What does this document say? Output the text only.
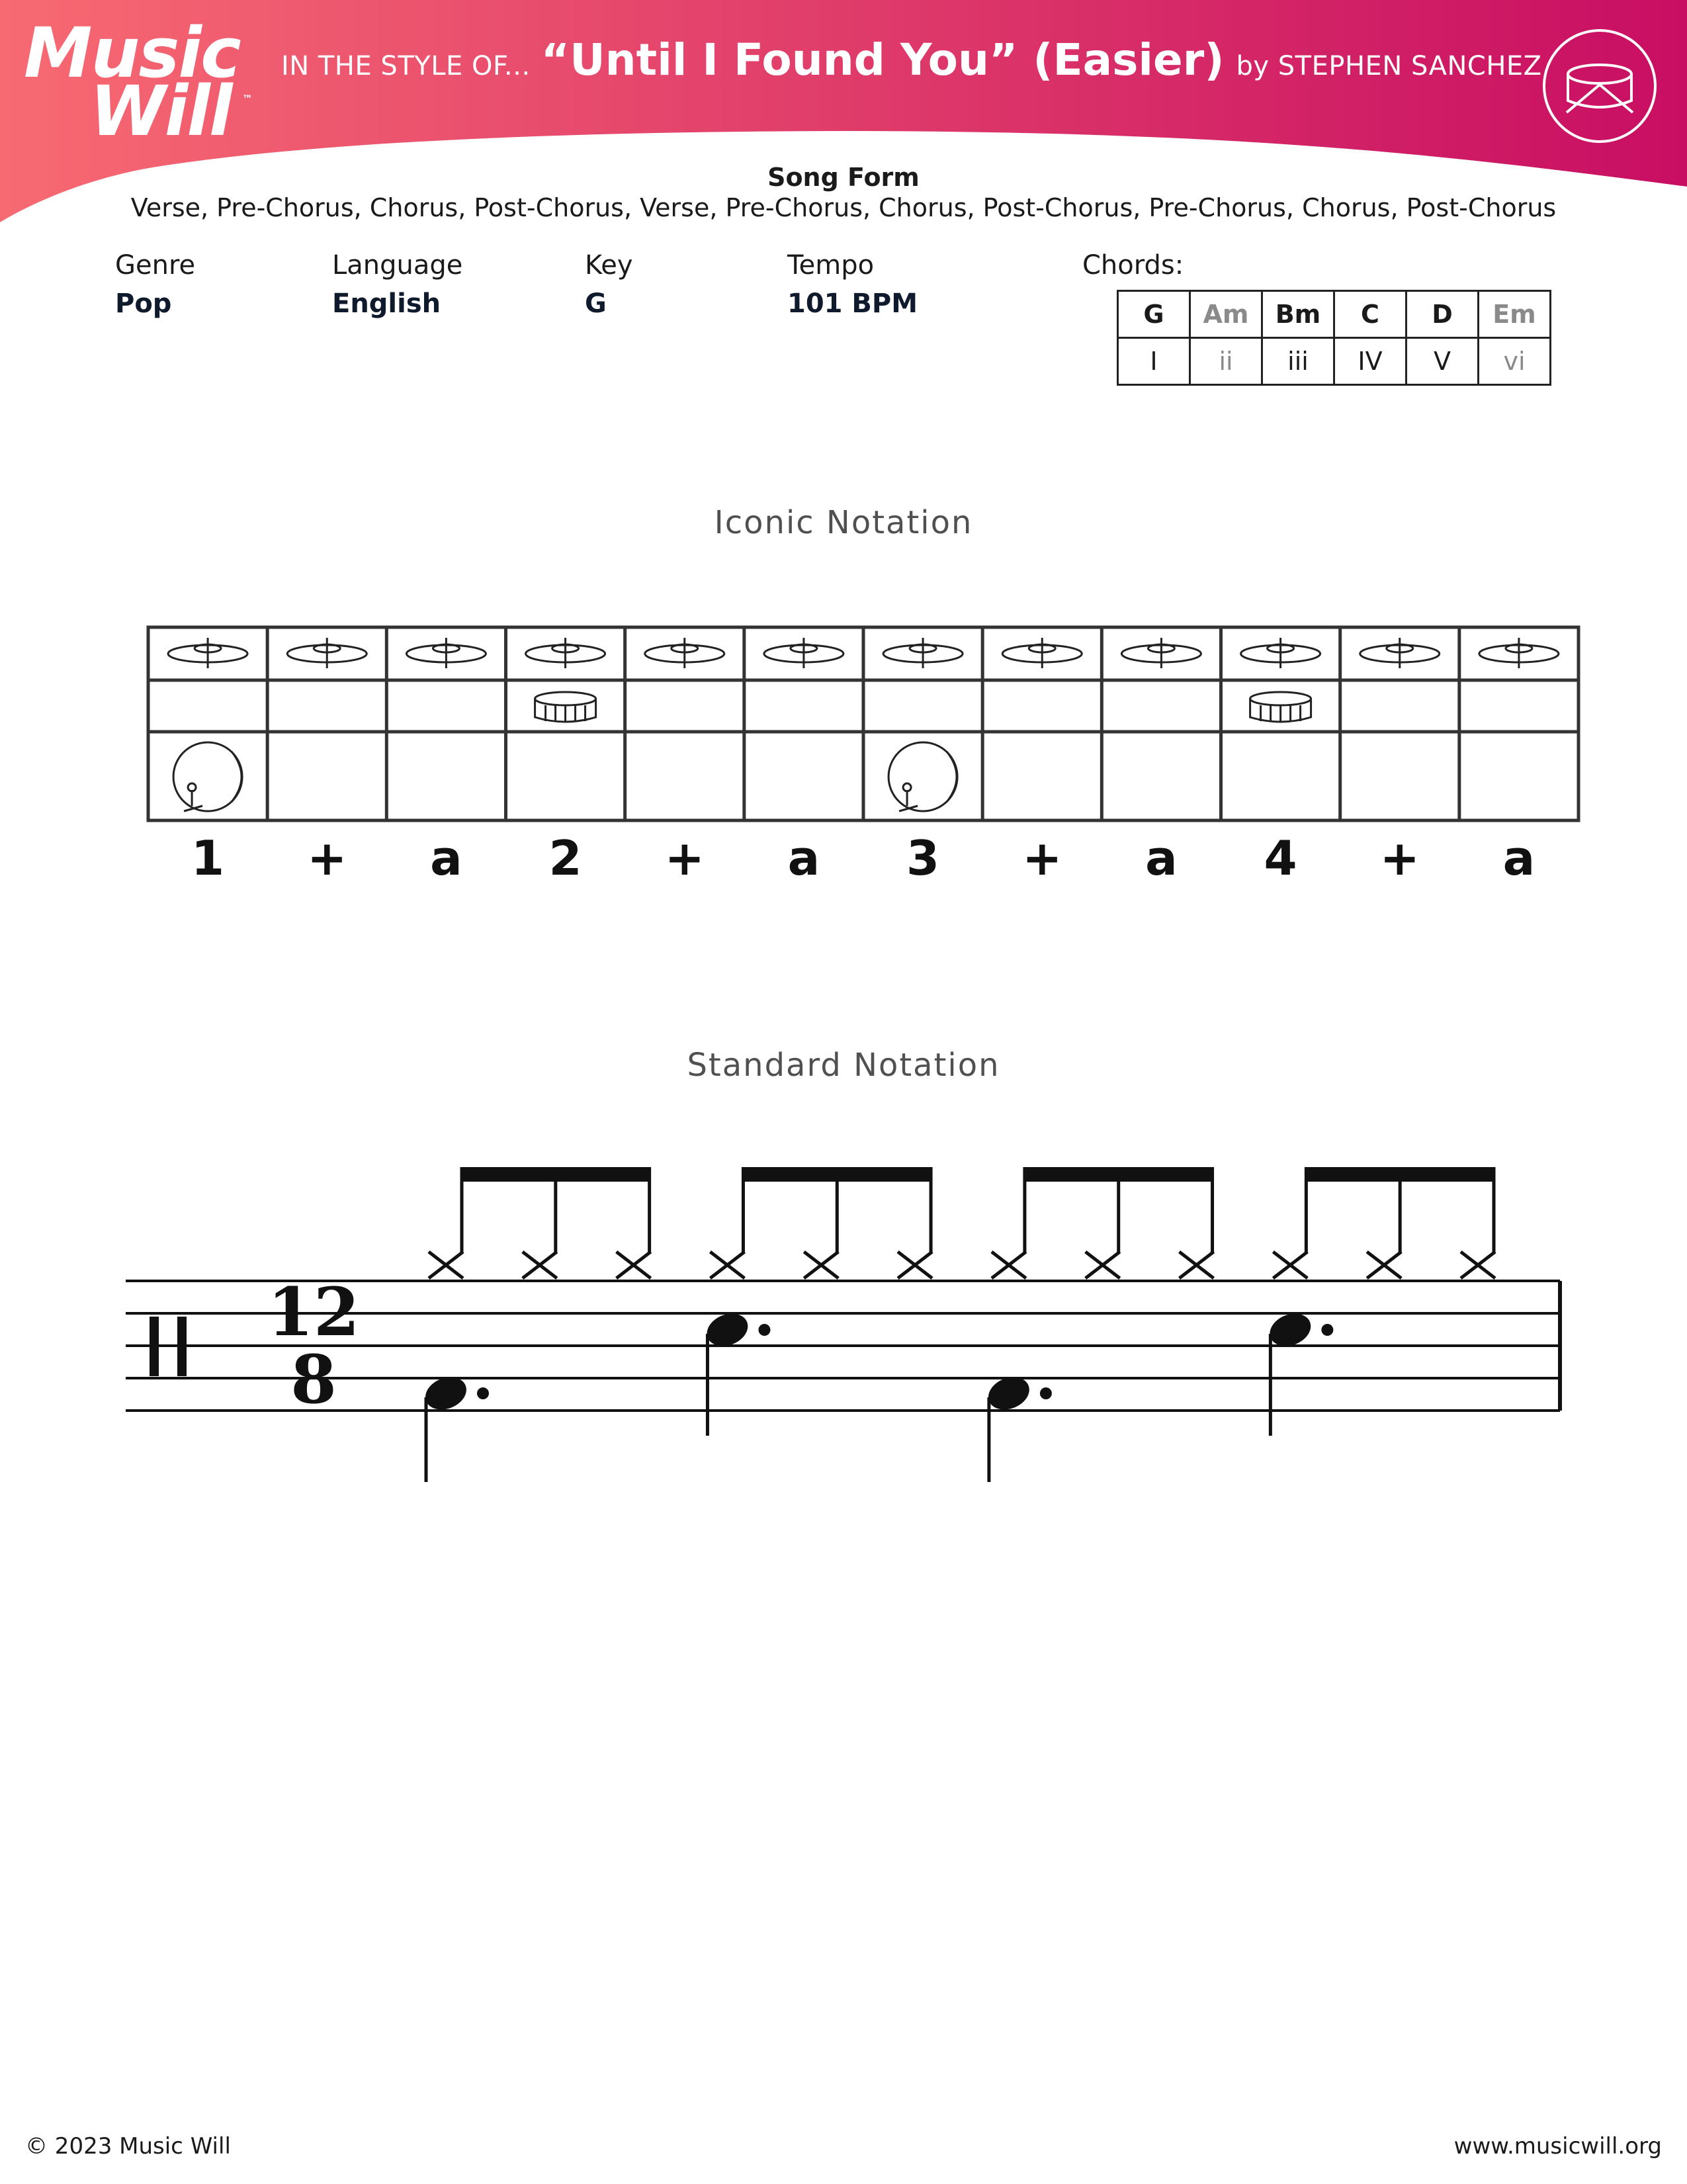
Music
Will ™
IN THE STYLE OF... “Until I Found You” (Easier) by STEPHEN SANCHEZ
Song Form
Verse, Pre-Chorus, Chorus, Post-Chorus, Verse, Pre-Chorus, Chorus, Post-Chorus, Pre-Chorus, Chorus, Post-Chorus
Genre
Pop
Language
English
Key
G
Tempo
101 BPM
Chords:
G	Am	Bm	C	D	Em
I	ii	iii	IV	V	vi
Iconic Notation
1 + a 2 + a 3 + a 4 + a
Standard Notation
12
8
© 2023 Music Will	www.musicwill.org
